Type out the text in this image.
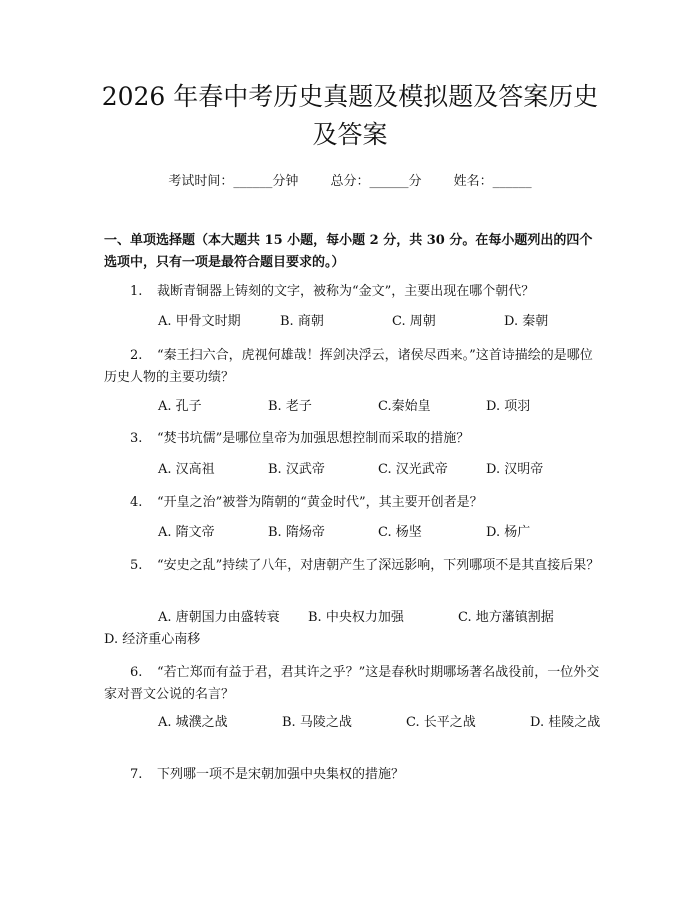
2026 年春中考历史真题及模拟题及答案历史
及答案
考试时间：______分钟 总分：______分 姓名：______
一、单项选择题（本大题共 15 小题，每小题 2 分，共 30 分。在每小题列出的四个选项中，只有一项是最符合题目要求的。）
1. 裁断青铜器上铸刻的文字，被称为“金文”，主要出现在哪个朝代？
A. 甲骨文时期	B. 商朝	C. 周朝	D. 秦朝
2. “秦王扫六合，虎视何雄哉！挥剑决浮云，诸侯尽西来。”这首诗描绘的是哪位历史人物的主要功绩？
A. 孔子	B. 老子	C.秦始皇	D. 项羽
3. “焚书坑儒”是哪位皇帝为加强思想控制而采取的措施？
A. 汉高祖	B. 汉武帝	C. 汉光武帝	D. 汉明帝
4. “开皇之治”被誉为隋朝的“黄金时代”，其主要开创者是？
A. 隋文帝	B. 隋炀帝	C. 杨坚	D. 杨广
5. “安史之乱”持续了八年，对唐朝产生了深远影响，下列哪项不是其直接后果？
A. 唐朝国力由盛转衰 B. 中央权力加强	C. 地方藩镇割据D. 经济重心南移
6. “若亡郑而有益于君，君其许之乎？”这是春秋时期哪场著名战役前，一位外交家对晋文公说的名言？
A. 城濮之战	B. 马陵之战	C. 长平之战	D. 桂陵之战
7. 下列哪一项不是宋朝加强中央集权的措施？
